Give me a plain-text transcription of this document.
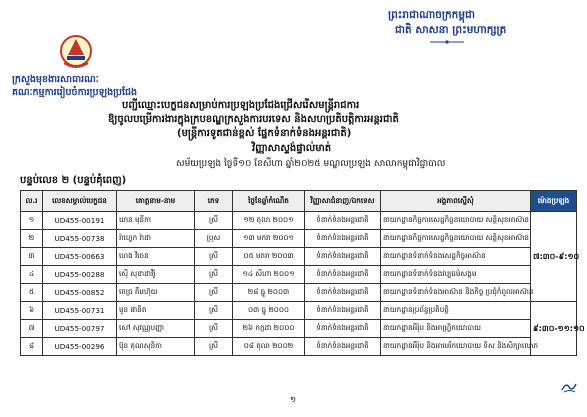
ព្រះរាជាណាចក្រកម្ពុជា
ជាតិ សាសនា ព្រះមហាក្សត្រ
ក្រសួងមុខងារសាធារណៈ
គណៈកម្មការរៀបចំការប្រឡងប្រជែង
បញ្ជីឈ្មោះបេក្ខជនសម្រាប់ការប្រឡងប្រជែងជ្រើសរើសមន្ត្រីរាជការ
ឱ្យចូលបម្រើការងារក្នុងក្របខណ្ឌក្រសួងការបរទេស និងសហប្រតិបត្តិការអន្តរជាតិ
(មន្ត្រីការទូតជាន់ខ្ពស់ ផ្នែកទំនាក់ទំនងអន្តរជាតិ)
វិញ្ញាសាស្ទង់ផ្ទាល់មាត់
សម័យប្រឡង ថ្ងៃទី១០ ខែសីហា ឆ្នាំ២០២៥ មណ្ឌលប្រឡង សាលាកម្ពុជាវិជ្ជាបាល
បន្ទប់លេខ ២ (បន្ទប់គុំពេញ)
ល.រ	លេខសម្គាល់បេក្ខជន	គោត្តនាម-នាម	ភេទ	ថ្ងៃខែឆ្នាំកំណើត	វិញ្ញាសាជំនាញ/ឯកទេស	អង្គភាពស្នើសុំ	ម៉ោងប្រឡង
១	UD455-00191	ឃាន មុនីកា	ស្រី	១២ តុលា ២០០១	ទំនាក់ទំនងអន្តរជាតិ	នាយកដ្ឋានកិច្ចការសេដ្ឋកិច្ចនយោបាយ សន្តិសុខអាស៊ាន	៧:៣០-៩:១០
២	UD455-00738	រ៉ាហ្វេក រ៉ាដា	ប្រុស	១៣ មករា ២០០១	ទំនាក់ទំនងអន្តរជាតិ	នាយកដ្ឋានកិច្ចការសេដ្ឋកិច្ចនយោបាយ សន្តិសុខអាស៊ាន	
៣	UD455-00663	ហេង វិចេន	ស្រី	០៥ មករា ២០០៣	ទំនាក់ទំនងអន្តរជាតិ	នាយកដ្ឋានទំនាក់ទំនងសេដ្ឋកិច្ចអាស៊ាន	
៤	UD455-00288	ស៊ើ សុខាដាវីរ៉ូ	ស្រី	១៤ សីហា ២០០១	ទំនាក់ទំនងអន្តរជាតិ	នាយកដ្ឋានទំនាក់ទំនងវប្បធម៌សង្គម	
៥	UD455-00852	ពេជ្រ គឹមហ៊ុយ	ស្រី	២៨ ធ្នូ ២០០៣	ទំនាក់ទំនងអន្តរជាតិ	នាយកដ្ឋានទំនាក់ទំនងអាស៊ាន និងកិច្ច ប្រជុំកំពូលអាស៊ាន	
៦	UD455-00731	មួន ផានិត	ស្រី	០៣ ធ្នូ ២០០០	ទំនាក់ទំនងអន្តរជាតិ	នាយកដ្ឋានប្រព័ន្ធប្រតិបត្តិ	៩:៣០-១១:១០
៧	UD455-00797	សៅ សុវណ្ណបញ្ញា	ស្រី	២៦ កក្កដា ២០០០	ទំនាក់ទំនងអន្តរជាតិ	នាយកដ្ឋានអឺរ៉ុប និងអាហ្វ្រិកយោបាយ	
៨	UD455-00296	ប៊ុន គុណសុនិកា	ស្រី	០៨ តុលា ២០០២	ទំនាក់ទំនងអន្តរជាតិ	នាយកដ្ឋានអឺរ៉ុប និងអាមេរិកយោបាយ ទិស និងសិក្សាលោក	
១
